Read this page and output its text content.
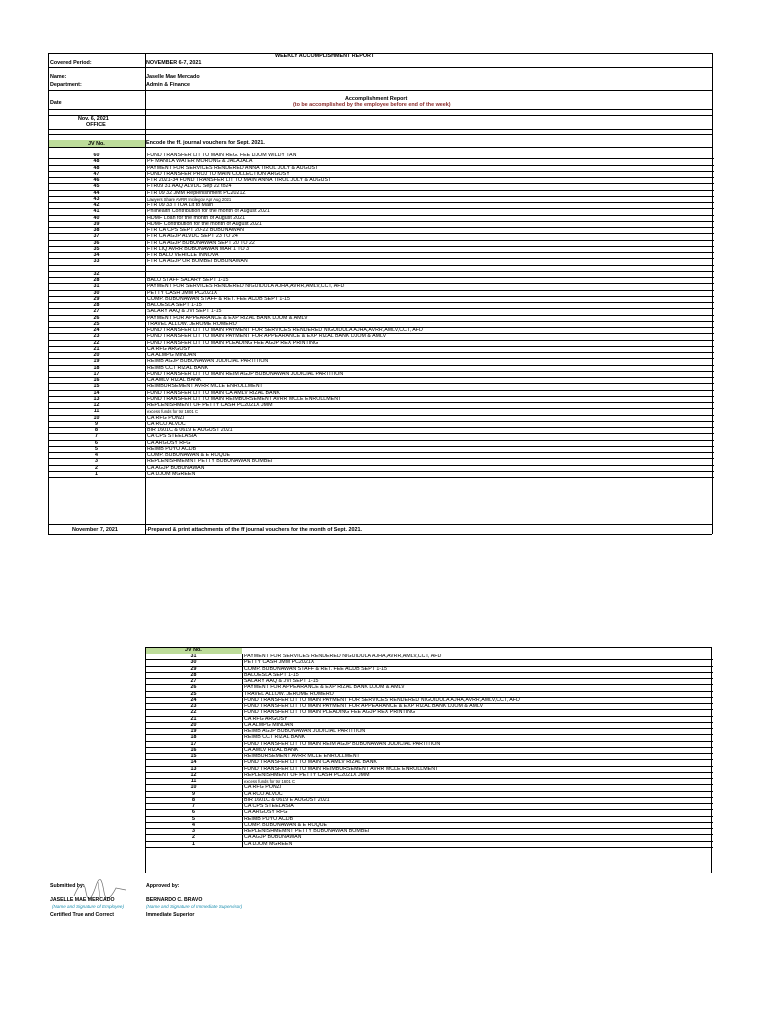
WEEKLY ACCOMPLISHMENT REPORT
Covered Period:	NOVEMBER 6-7, 2021
Name:	Jaselle Mae Mercado
Department:	Admin & Finance
Accomplishment Report
Date	(to be accomplished by the employee before end of the week)
Nov. 6, 2021
OFFICE
JV No.	Encode the ff. journal vouchers for Sept. 2021.
60	FUND TRANSFER LIT TO MAIN REG. FEE DJOM WILDY TAN
48	PF MANILA WATER MORONG & JALAJALA
48	PAYMENT FOR SERVICES RENDERED ANNA TIROL JULY & AUGUST
47	FUND TRANSFER PROJ TO MAIN COLLECTION ARGOSY
46	FTR 2021-34 FUND TRANSFER LIT TO MAIN ANNA TIROL JULY & AUGUST
45	FTR09 31 AAQ ALVDC Sep 22 to24
44	FTR 09 32 JMM Replenishment PC2021Z
43	Lawyers Share AVRR Incilegov Apr Aug 2021
42	FTR 09 33 TTOA Lit to Main
41	Philhealth Contribution for the month of August 2021
40	HDMF Loan for the month of August 2021
39	HDMF Contribution for the month of August 2021
38	FTR CA CPS SEPT 20-22 BUBUNAWAN
37	FTR CA AGJP ALVDC SEPT 23 TO 24
36	FTR CA AGJP BUBUNAWAN SEPT 20 TO 22
35	FTR LIQ AVRR BUBUNAWAN MAR 1 TO 3
34	FTR BALO VEHICLE INNOVA
33	FTR CA AGJP OR BOMBEI BUBUNAWAN

32	
28	BALO STAFF SALARY SEPT 1-15
31	PAYMENT FOR SERVICES RENDERED NIGUIDULA AJHA,AVRR,AMLV,CCT, AFD
30	PETTY CASH JMM PC2021X
29	COMP. BUBUNAWAN STAFF & RET. FEE ACDB SEPT 1-15
28	BALOESLA SEPT 1-15
27	SALARY AAQ & JVI SEPT 1-15
26	PAYMENT FOR APPEARANCE & EXP RIZAL BANK DJOM & AMLV
25	TRAVEL ALLOW. JEROME ROMERO
24	FUND TRANSFER LIT TO MAIN PAYMENT FOR SERVICES RENDERED NIGUIDULA AJHA,AVRR,AMLV,CCT, AFD
23	FUND TRANSFER LIT TO MAIN PAYMENT FOR APPEARANCE & EXP RIZAL BANK DJOM & AMLV
22	FUND TRANSFER LIT TO MAIN PLEADING FEE AGJP REX PRINTING
21	CA RFG ARGOSY
20	CA ALMPG MINDAN
19	REIMB AGJP BUBUNAWAN JUDICIAL PARTITION
18	REIMB CCT RIZAL BANK
17	FUND TRANSFER LIT TO MAIN REIM AGJP BUBUNAWAN JUDICIAL PARTITION
16	CA AMLV RIZAL BANK
15	REIMBURSEMENT AVRR MCLE ENROLLMENT
14	FUND TRANSFER LIT TO MAIN CA AMLV RIZAL BANK
13	FUND TRANSFER LIT TO MAIN REIMBURSEMENT AVRR MCLE ENROLLMENT
12	REPLENISHMENT OF PETTY CASH PC2021X JMM
11	excess funds for tsr 1601 C
10	CA RFG PONZI
9	CA RCO ALVDC
8	BIR 1601C & 0619 E AUGUST 2021
7	CA CPS STEELASIA
6	CA ARGOSY RFG
5	REIMB PUYO ACDB
4	COMP. BUBUNAWAN & E ROQUE
3	REPLENISHMEMNT PETTY BUBUNAWAN BOMBEI
2	CA AGJP BUBUNAWAN
1	CA DJOM MGREEN
November 7, 2021	-Prepared & print attachments of the ff journal vouchers for the month of Sept. 2021.
JV No.
31	PAYMENT FOR SERVICES RENDERED NIGUIDULA AJHA,AVRR,AMLV,CCT, AFD
30	PETTY CASH JMM PC2021X
29	COMP. BUBUNAWAN STAFF & RET. FEE ACDB SEPT 1-15
28	BALOESLA SEPT 1-15
27	SALARY AAQ & JVI SEPT 1-15
26	PAYMENT FOR APPEARANCE & EXP RIZAL BANK DJOM & AMLV
25	TRAVEL ALLOW. JEROME ROMERO
24	FUND TRANSFER LIT TO MAIN PAYMENT FOR SERVICES RENDERED NIGUIDULA AJHA,AVRR,AMLV,CCT, AFD
23	FUND TRANSFER LIT TO MAIN PAYMENT FOR APPEARANCE & EXP RIZAL BANK DJOM & AMLV
22	FUND TRANSFER LIT TO MAIN PLEADING FEE AGJP REX PRINTING
21	CA RFG ARGOSY
20	CA ALMPG MINDAN
19	REIMB AGJP BUBUNAWAN JUDICIAL PARTITION
18	REIMB CCT RIZAL BANK
17	FUND TRANSFER LIT TO MAIN REIM AGJP BUBUNAWAN JUDICIAL PARTITION
16	CA AMLV RIZAL BANK
15	REIMBURSEMENT AVRR MCLE ENROLLMENT
14	FUND TRANSFER LIT TO MAIN CA AMLV RIZAL BANK
13	FUND TRANSFER LIT TO MAIN REIMBURSEMENT AVRR MCLE ENROLLMENT
12	REPLENISHMENT OF PETTY CASH PC2021X JMM
11	excess funds for tsr 1601 C
10	CA RFG PONZI
9	CA RCO ALVDC
8	BIR 1601C & 0619 E AUGUST 2021
7	CA CPS STEELASIA
6	CA ARGOSY RFG
5	REIMB PUYO ACDB
4	COMP. BUBUNAWAN & E ROQUE
3	REPLENISHMEMNT PETTY BUBUNAWAN BOMBEI
2	CA AGJP BUBUNAWAN
1	CA DJOM MGREEN
Submitted by:
JASELLE MAE MERCADO
(Name and Signature of Employee)
Certified True and Correct
Approved by:
BERNARDO C. BRAVO
(Name and Signature of Immediate Supervisor)
Immediate Superior
